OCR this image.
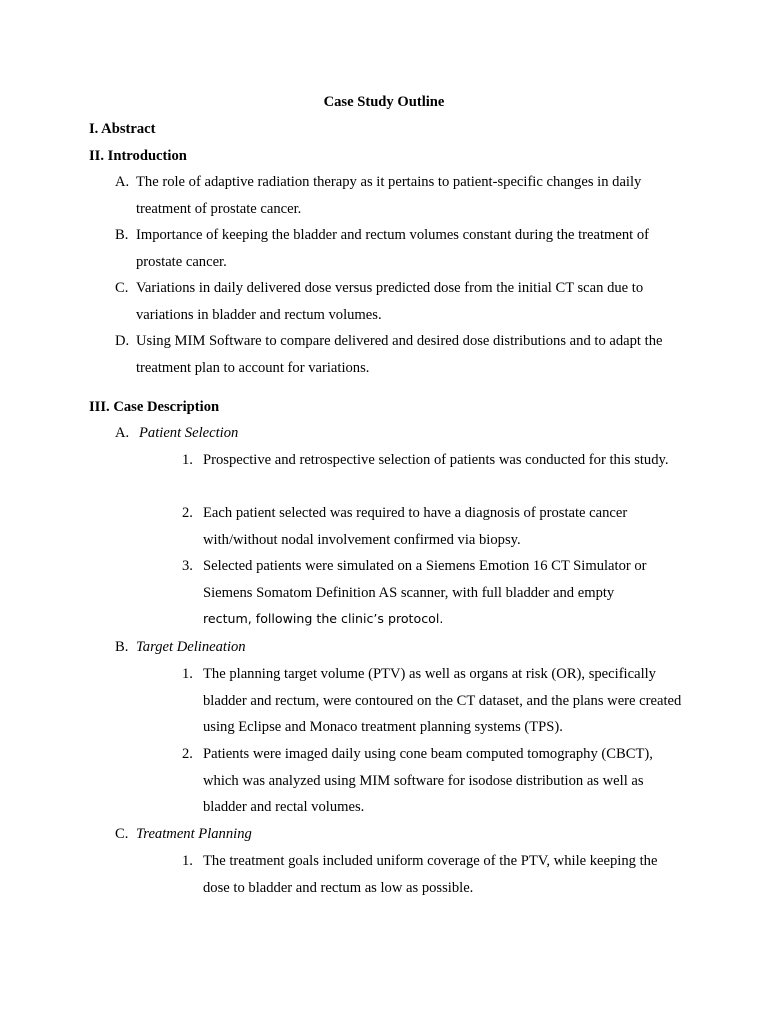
Case Study Outline
I. Abstract
II. Introduction
A. The role of adaptive radiation therapy as it pertains to patient-specific changes in daily treatment of prostate cancer.
B. Importance of keeping the bladder and rectum volumes constant during the treatment of prostate cancer.
C. Variations in daily delivered dose versus predicted dose from the initial CT scan due to variations in bladder and rectum volumes.
D. Using MIM Software to compare delivered and desired dose distributions and to adapt the treatment plan to account for variations.
III. Case Description
A. Patient Selection
1. Prospective and retrospective selection of patients was conducted for this study.
2. Each patient selected was required to have a diagnosis of prostate cancer with/without nodal involvement confirmed via biopsy.
3. Selected patients were simulated on a Siemens Emotion 16 CT Simulator or Siemens Somatom Definition AS scanner, with full bladder and empty
rectum, following the clinic’s protocol.
B. Target Delineation
1. The planning target volume (PTV) as well as organs at risk (OR), specifically bladder and rectum, were contoured on the CT dataset, and the plans were created using Eclipse and Monaco treatment planning systems (TPS).
2. Patients were imaged daily using cone beam computed tomography (CBCT), which was analyzed using MIM software for isodose distribution as well as bladder and rectal volumes.
C. Treatment Planning
1. The treatment goals included uniform coverage of the PTV, while keeping the dose to bladder and rectum as low as possible.
